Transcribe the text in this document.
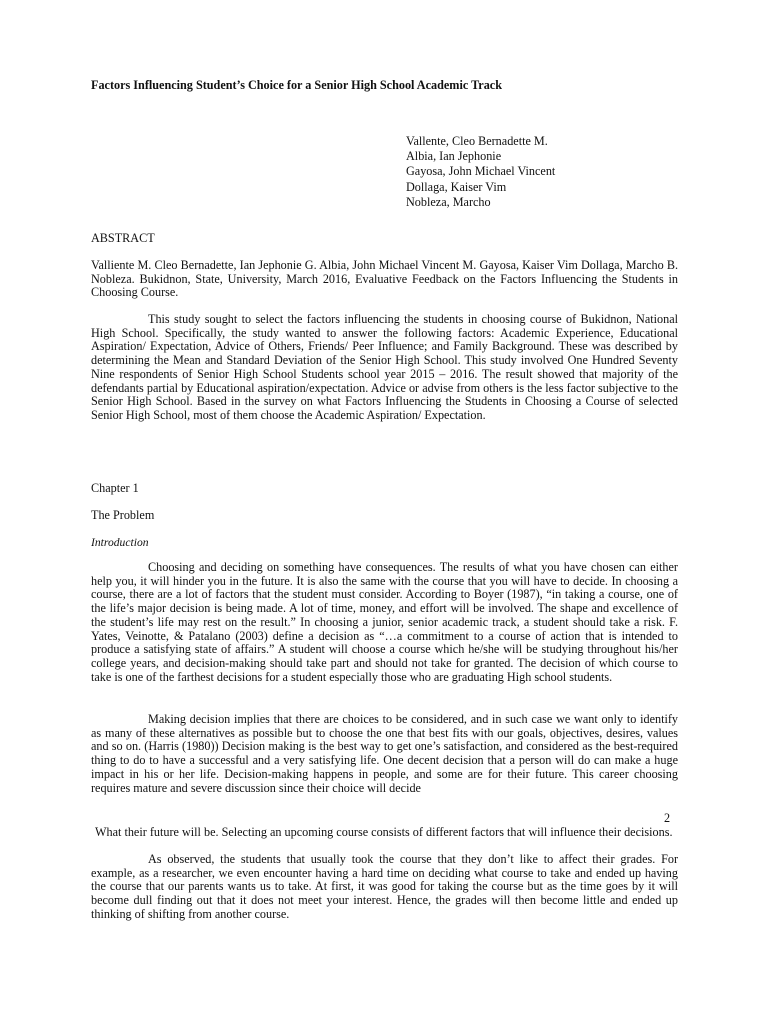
Factors Influencing Student’s Choice for a Senior High School Academic Track
Vallente, Cleo Bernadette M.
Albia, Ian Jephonie
Gayosa, John Michael Vincent
Dollaga, Kaiser Vim
Nobleza, Marcho
ABSTRACT

Valliente M. Cleo Bernadette, Ian Jephonie G. Albia, John Michael Vincent M. Gayosa, Kaiser Vim Dollaga, Marcho B. Nobleza. Bukidnon, State, University, March 2016, Evaluative Feedback on the Factors Influencing the Students in Choosing Course.

This study sought to select the factors influencing the students in choosing course of Bukidnon, National High School. Specifically, the study wanted to answer the following factors: Academic Experience, Educational Aspiration/ Expectation, Advice of Others, Friends/ Peer Influence; and Family Background. These was described by determining the Mean and Standard Deviation of the Senior High School. This study involved One Hundred Seventy Nine respondents of Senior High School Students school year 2015 – 2016. The result showed that majority of the defendants partial by Educational aspiration/expectation. Advice or advise from others is the less factor subjective to the Senior High School. Based in the survey on what Factors Influencing the Students in Choosing a Course of selected Senior High School, most of them choose the Academic Aspiration/ Expectation.

Chapter 1
The Problem
Introduction

Choosing and deciding on something have consequences. The results of what you have chosen can either help you, it will hinder you in the future. It is also the same with the course that you will have to decide. In choosing a course, there are a lot of factors that the student must consider. According to Boyer (1987), “in taking a course, one of the life’s major decision is being made. A lot of time, money, and effort will be involved. The shape and excellence of the student’s life may rest on the result.” In choosing a junior, senior academic track, a student should take a risk. F. Yates, Veinotte, & Patalano (2003) define a decision as “…a commitment to a course of action that is intended to produce a satisfying state of affairs.” A student will choose a course which he/she will be studying throughout his/her college years, and decision-making should take part and should not take for granted. The decision of which course to take is one of the farthest decisions for a student especially those who are graduating High school students.

Making decision implies that there are choices to be considered, and in such case we want only to identify as many of these alternatives as possible but to choose the one that best fits with our goals, objectives, desires, values and so on. (Harris (1980)) Decision making is the best way to get one’s satisfaction, and considered as the best-required thing to do to have a successful and a very satisfying life. One decent decision that a person will do can make a huge impact in his or her life. Decision-making happens in people, and some are for their future. This career choosing requires mature and severe discussion since their choice will decide

2

What their future will be. Selecting an upcoming course consists of different factors that will influence their decisions.

As observed, the students that usually took the course that they don’t like to affect their grades. For example, as a researcher, we even encounter having a hard time on deciding what course to take and ended up having the course that our parents wants us to take. At first, it was good for taking the course but as the time goes by it will become dull finding out that it does not meet your interest. Hence, the grades will then become little and ended up thinking of shifting from another course.
